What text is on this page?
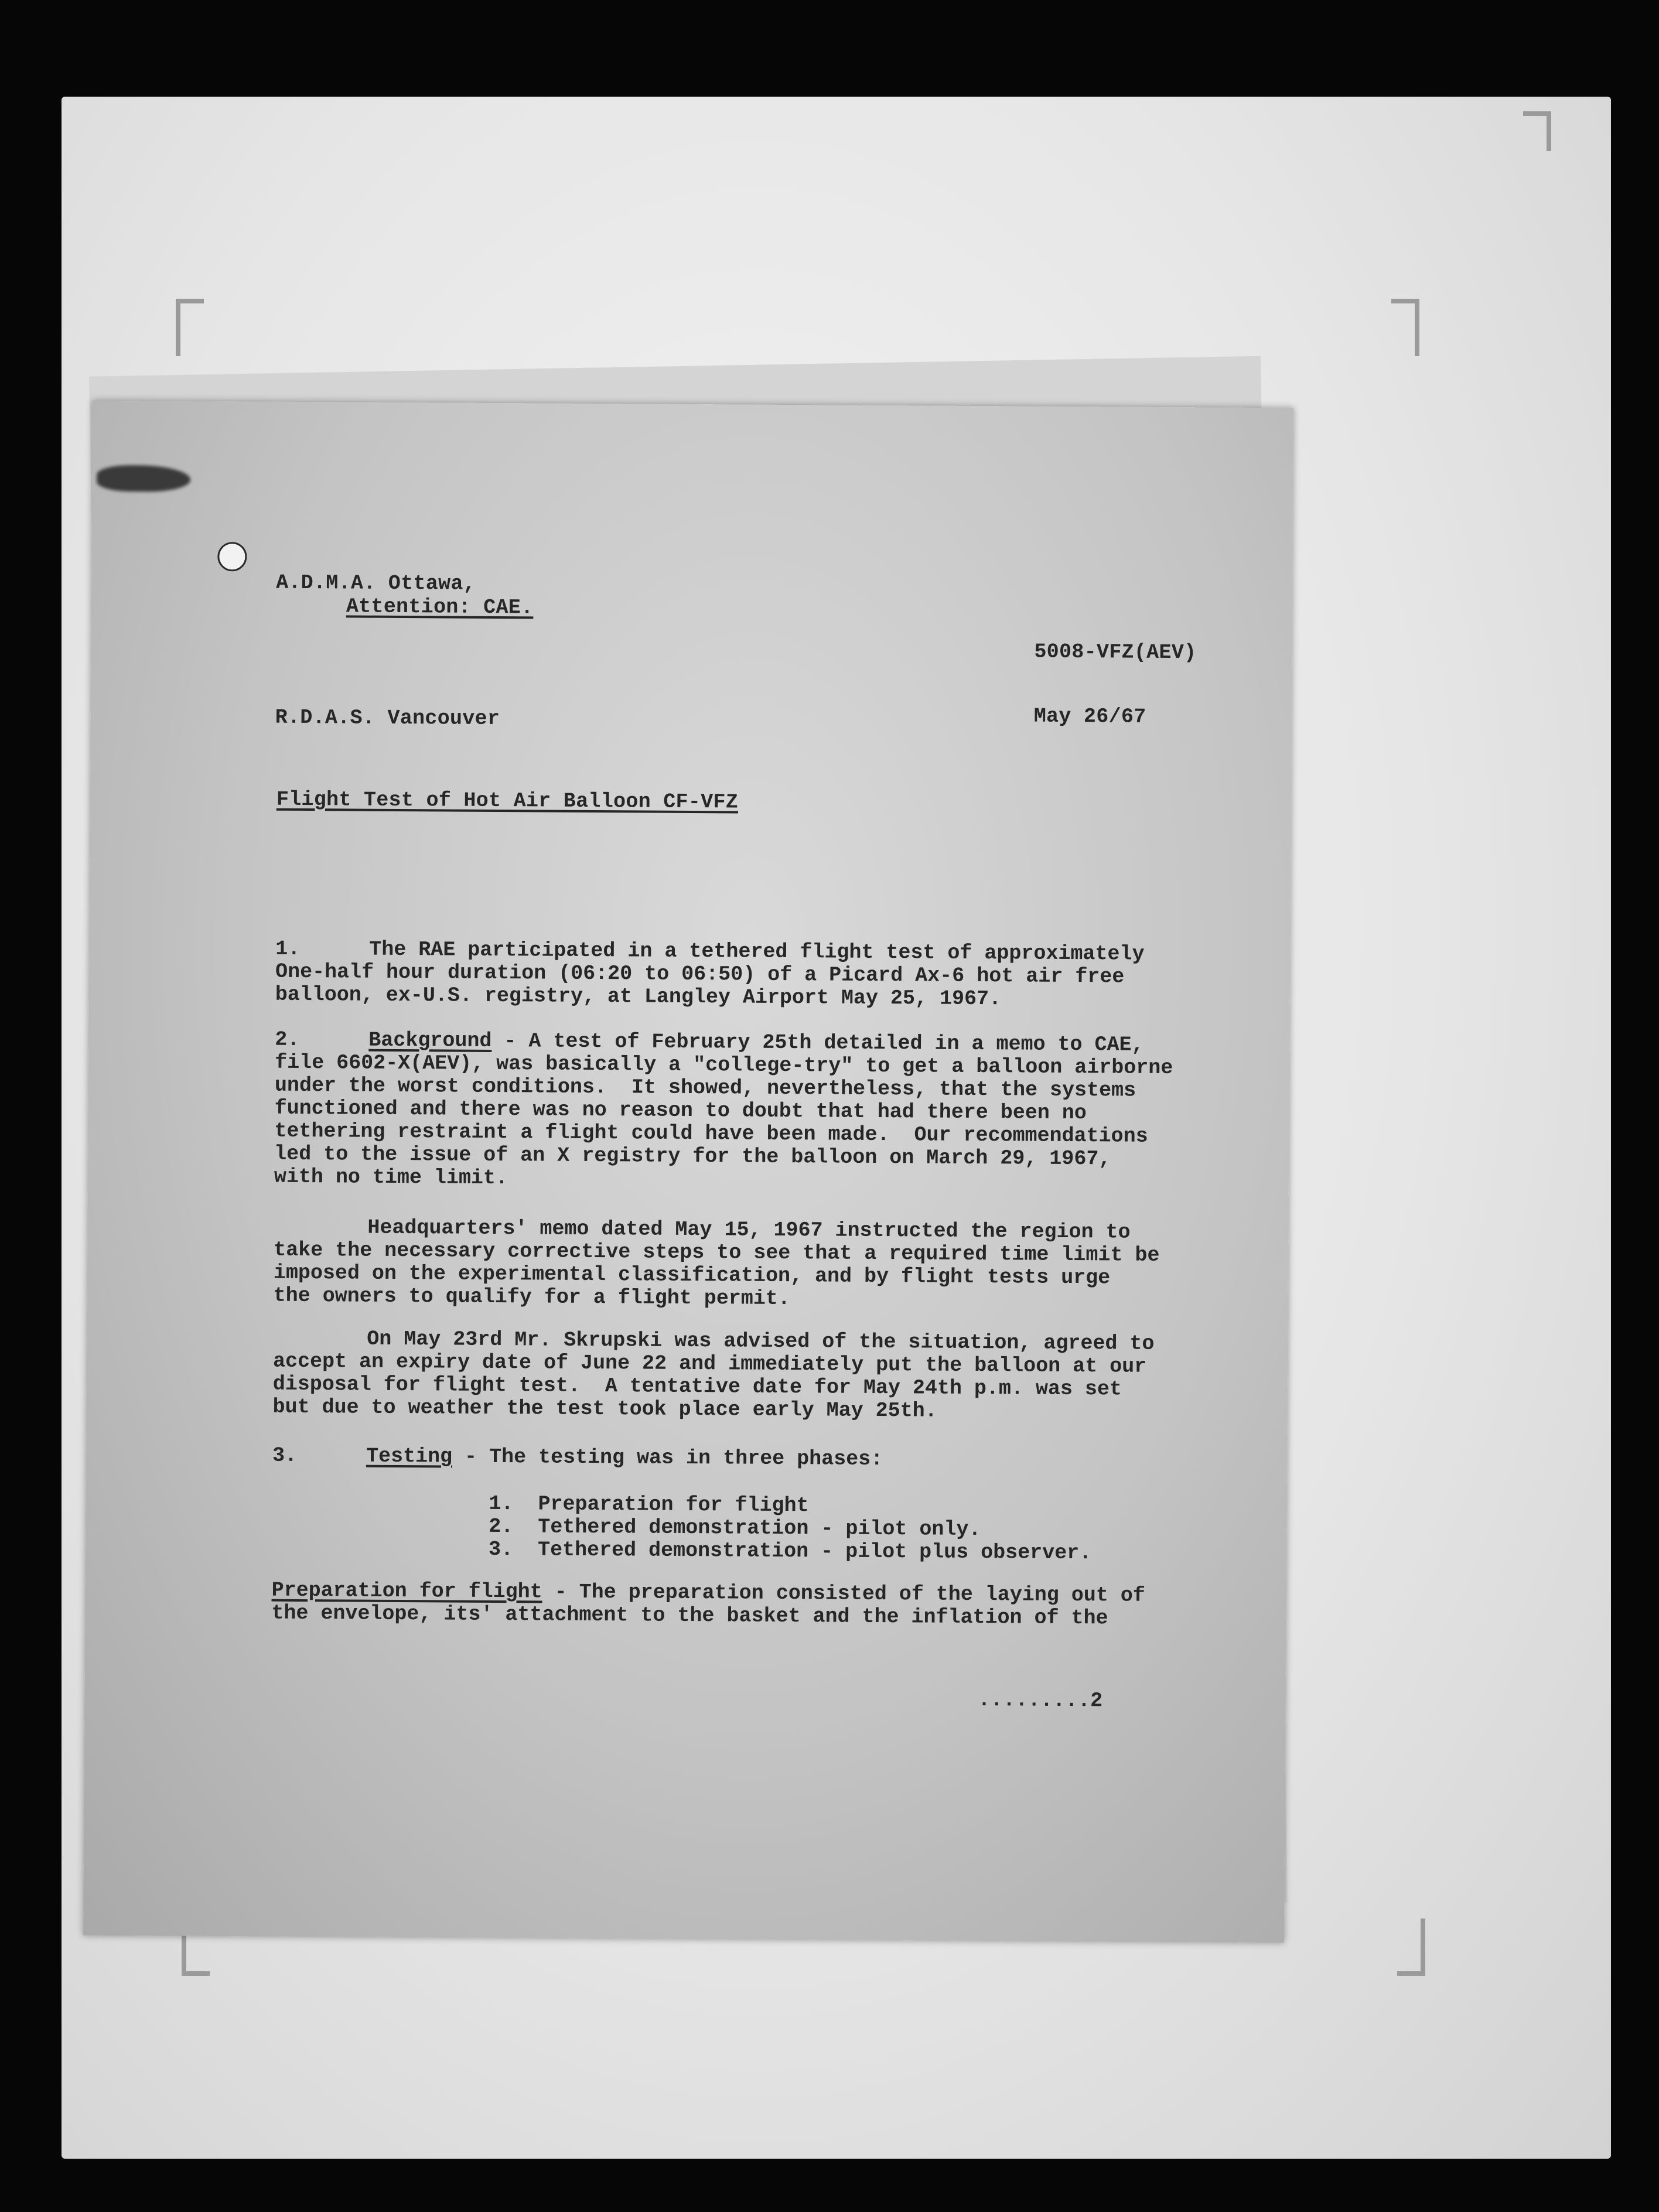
A.D.M.A. Ottawa,
Attention: CAE.
5008-VFZ(AEV)
R.D.A.S. Vancouver	May 26/67
Flight Test of Hot Air Balloon CF-VFZ
1.	The RAE participated in a tethered flight test of approximately
One-half hour duration (06:20 to 06:50) of a Picard Ax-6 hot air free
balloon, ex-U.S. registry, at Langley Airport May 25, 1967.
2.	Background - A test of February 25th detailed in a memo to CAE,
file 6602-X(AEV), was basically a "college-try" to get a balloon airborne
under the worst conditions.  It showed, nevertheless, that the systems
functioned and there was no reason to doubt that had there been no
tethering restraint a flight could have been made.  Our recommendations
led to the issue of an X registry for the balloon on March 29, 1967,
with no time limit.
Headquarters' memo dated May 15, 1967 instructed the region to
take the necessary corrective steps to see that a required time limit be
imposed on the experimental classification, and by flight tests urge
the owners to qualify for a flight permit.
On May 23rd Mr. Skrupski was advised of the situation, agreed to
accept an expiry date of June 22 and immediately put the balloon at our
disposal for flight test.  A tentative date for May 24th p.m. was set
but due to weather the test took place early May 25th.
3.	Testing - The testing was in three phases:
1.  Preparation for flight
2.  Tethered demonstration - pilot only.
3.  Tethered demonstration - pilot plus observer.
Preparation for flight - The preparation consisted of the laying out of
the envelope, its' attachment to the basket and the inflation of the
.........2
